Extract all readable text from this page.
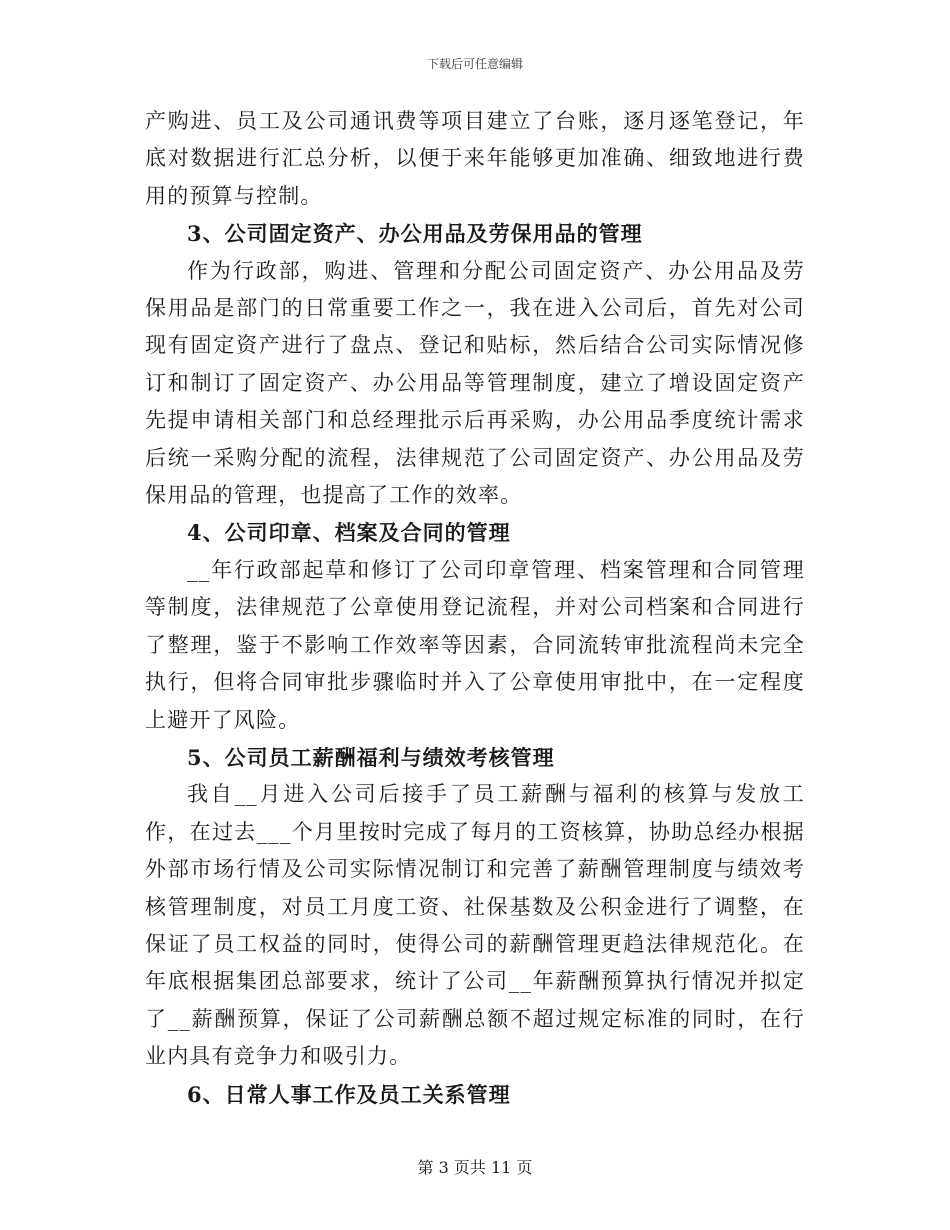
下载后可任意编辑

产购进、员工及公司通讯费等项目建立了台账，逐月逐笔登记，年底对数据进行汇总分析，以便于来年能够更加准确、细致地进行费用的预算与控制。

3、公司固定资产、办公用品及劳保用品的管理

作为行政部，购进、管理和分配公司固定资产、办公用品及劳保用品是部门的日常重要工作之一，我在进入公司后，首先对公司现有固定资产进行了盘点、登记和贴标，然后结合公司实际情况修订和制订了固定资产、办公用品等管理制度，建立了增设固定资产先提申请相关部门和总经理批示后再采购，办公用品季度统计需求后统一采购分配的流程，法律规范了公司固定资产、办公用品及劳保用品的管理，也提高了工作的效率。

4、公司印章、档案及合同的管理

__年行政部起草和修订了公司印章管理、档案管理和合同管理等制度，法律规范了公章使用登记流程，并对公司档案和合同进行了整理，鉴于不影响工作效率等因素，合同流转审批流程尚未完全执行，但将合同审批步骤临时并入了公章使用审批中，在一定程度上避开了风险。

5、公司员工薪酬福利与绩效考核管理

我自__月进入公司后接手了员工薪酬与福利的核算与发放工作，在过去___个月里按时完成了每月的工资核算，协助总经办根据外部市场行情及公司实际情况制订和完善了薪酬管理制度与绩效考核管理制度，对员工月度工资、社保基数及公积金进行了调整，在保证了员工权益的同时，使得公司的薪酬管理更趋法律规范化。在年底根据集团总部要求，统计了公司__年薪酬预算执行情况并拟定了__薪酬预算，保证了公司薪酬总额不超过规定标准的同时，在行业内具有竞争力和吸引力。

6、日常人事工作及员工关系管理
第 3 页共 11 页
